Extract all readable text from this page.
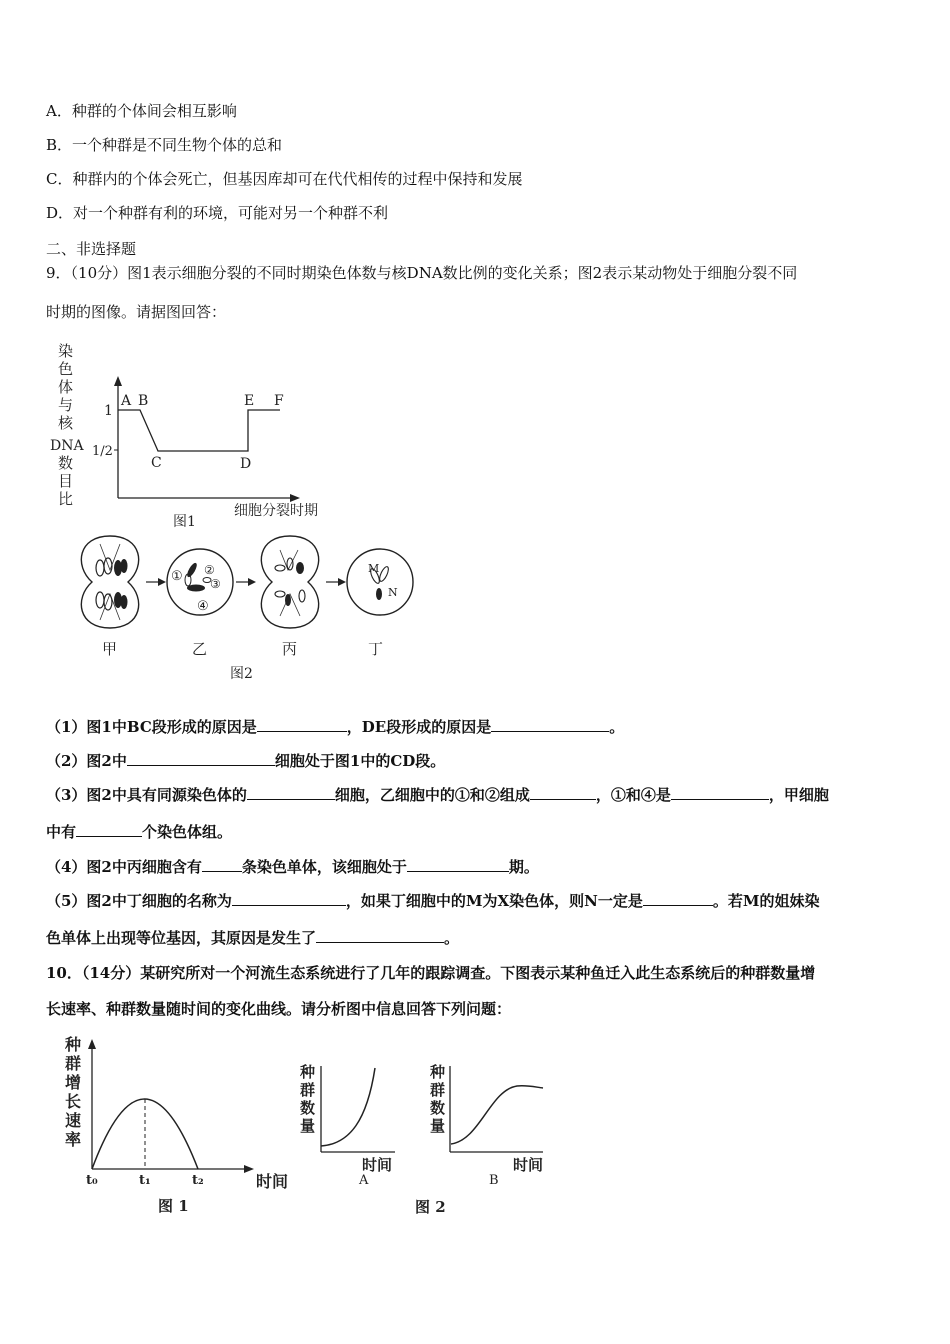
A．种群的个体间会相互影响
B．一个种群是不同生物个体的总和
C．种群内的个体会死亡，但基因库却可在代代相传的过程中保持和发展
D．对一个种群有利的环境，可能对另一个种群不利
二、非选择题
9．（10分）图1表示细胞分裂的不同时期染色体数与核DNA数比例的变化关系；图2表示某动物处于细胞分裂不同
时期的图像。请据图回答：
染
色
体
与
核
DNA
数
目
比
1
1/2
A B
C	D
E F
细胞分裂时期
图1
① ②
③
④
M
N
甲	乙	丙	丁
图2
（1）图1中BC段形成的原因是	，DE段形成的原因是	。
（2）图2中	细胞处于图1中的CD段。
（3）图2中具有同源染色体的	细胞，乙细胞中的①和②组成	，①和④是	，甲细胞
中有	个染色体组。
（4）图2中丙细胞含有	条染色单体，该细胞处于	期。
（5）图2中丁细胞的名称为	，如果丁细胞中的M为X染色体，则N一定是	。若M的姐妹染
色单体上出现等位基因，其原因是发生了	。
10．（14分）某研究所对一个河流生态系统进行了几年的跟踪调查。下图表示某种鱼迁入此生态系统后的种群数量增
长速率、种群数量随时间的变化曲线。请分析图中信息回答下列问题：
种
群
增
长
速
率
t₀	t₁	t₂	时间
图 1
种
群
数
量
时间
A
种
群
数
量
时间
B
图 2
